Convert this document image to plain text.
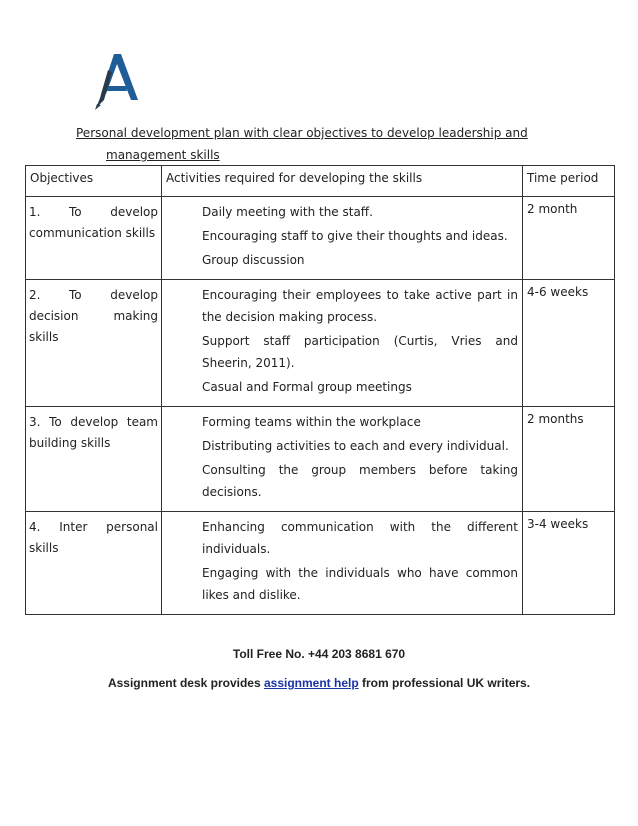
Personal development plan with clear objectives to develop leadership and
management skills
Objectives	Activities required for developing the skills	Time period
1. To develop communication skills	Daily meeting with the staff.

Encouraging staff to give their thoughts and ideas.

Group discussion	2 month
2. To develop decision making skills	Encouraging their employees to take active part in the decision making process.

Support staff participation (Curtis, Vries and Sheerin, 2011).

Casual and Formal group meetings	4-6 weeks
3. To develop team building skills	Forming teams within the workplace

Distributing activities to each and every individual.

Consulting the group members before taking decisions.	2 months
4. Inter personal skills	Enhancing communication with the different individuals.

Engaging with the individuals who have common likes and dislike.	3-4 weeks
Toll Free No. +44 203 8681 670
Assignment desk provides assignment help from professional UK writers.
